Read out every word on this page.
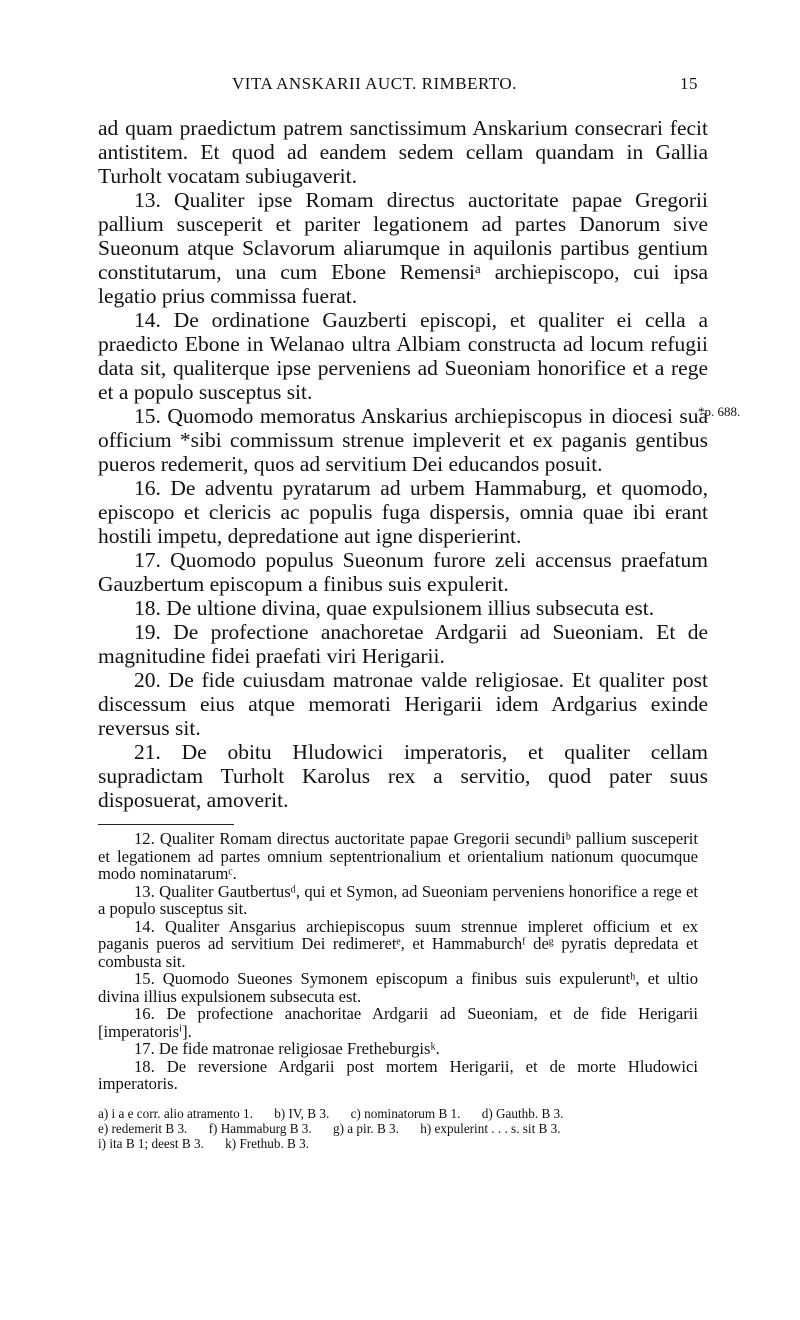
VITA ANSKARII AUCT. RIMBERTO.	15

ad quam praedictum patrem sanctissimum Anskarium consecrari fecit antistitem. Et quod ad eandem sedem cellam quandam in Gallia Turholt vocatam subiugaverit.

13. Qualiter ipse Romam directus auctoritate papae Gregorii pallium susceperit et pariter legationem ad partes Danorum sive Sueonum atque Sclavorum aliarumque in aquilonis partibus gentium constitutarum, una cum Ebone Remensiᵃ archiepiscopo, cui ipsa legatio prius commissa fuerat.

14. De ordinatione Gauzberti episcopi, et qualiter ei cella a praedicto Ebone in Welanao ultra Albiam constructa ad locum refugii data sit, qualiterque ipse perveniens ad Sueoniam honorifice et a rege et a populo susceptus sit.

15. Quomodo memoratus Anskarius archiepiscopus in diocesi sua officium *sibi commissum strenue impleverit et ex paganis gentibus pueros redemerit, quos ad servitium Dei educandos posuit.

16. De adventu pyratarum ad urbem Hammaburg, et quomodo, episcopo et clericis ac populis fuga dispersis, omnia quae ibi erant hostili impetu, depredatione aut igne disperierint.

17. Quomodo populus Sueonum furore zeli accensus praefatum Gauzbertum episcopum a finibus suis expulerit.

18. De ultione divina, quae expulsionem illius subsecuta est.

19. De profectione anachoretae Ardgarii ad Sueoniam. Et de magnitudine fidei praefati viri Herigarii.

20. De fide cuiusdam matronae valde religiosae. Et qualiter post discessum eius atque memorati Herigarii idem Ardgarius exinde reversus sit.

21. De obitu Hludowici imperatoris, et qualiter cellam supradictam Turholt Karolus rex a servitio, quod pater suus disposuerat, amoverit.

*p. 688.

12. Qualiter Romam directus auctoritate papae Gregorii secundiᵇ pallium susceperit et legationem ad partes omnium septentrionalium et orientalium nationum quocumque modo nominatarumᶜ.

13. Qualiter Gautbertusᵈ, qui et Symon, ad Sueoniam perveniens honorifice a rege et a populo susceptus sit.

14. Qualiter Ansgarius archiepiscopus suum strennue impleret officium et ex paganis pueros ad servitium Dei redimeretᵉ, et Hammaburchᶠ deᵍ pyratis depredata et combusta sit.

15. Quomodo Sueones Symonem episcopum a finibus suis expuleruntʰ, et ultio divina illius expulsionem subsecuta est.

16. De profectione anachoritae Ardgarii ad Sueoniam, et de fide Herigarii [imperatorisⁱ].

17. De fide matronae religiosae Fretheburgisᵏ.

18. De reversione Ardgarii post mortem Herigarii, et de morte Hludowici imperatoris.

a) i a e corr. alio atramento 1. b) IV, B 3. c) nominatorum B 1. d) Gauthb. B 3.
e) redemerit B 3. f) Hammaburg B 3. g) a pir. B 3. h) expulerint . . . s. sit B 3.
i) ita B 1; deest B 3. k) Frethub. B 3.
